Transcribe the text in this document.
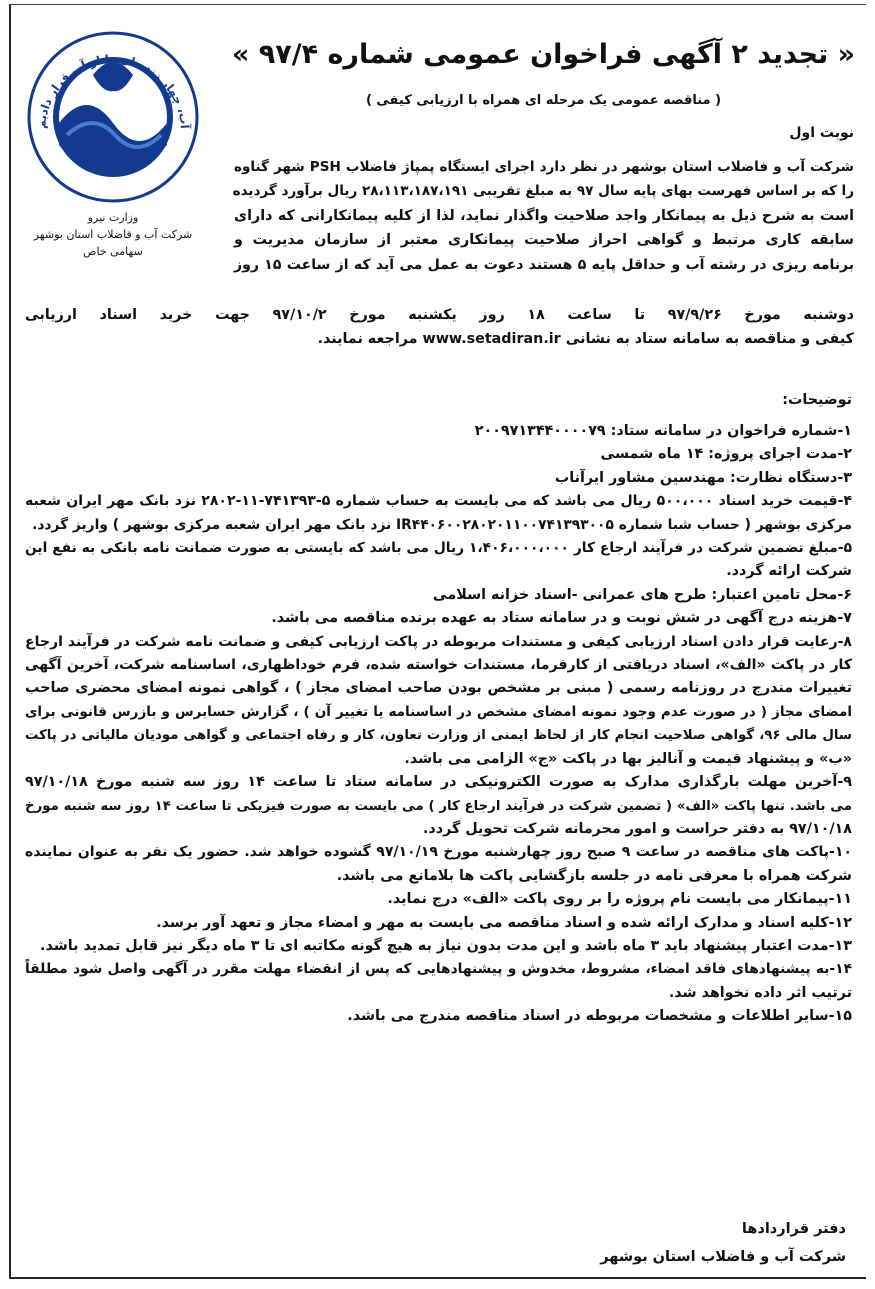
آب، چهار زنده ای را از آب قرار دادیم
وزارت نیرو
شرکت آب و فاضلاب استان بوشهر
سهامی خاص
« تجدید ۲ آگهی فراخوان عمومی شماره ۹۷/۴ »
( مناقصه عمومی یک مرحله ای همراه با ارزیابی کیفی )
نوبت اول
شرکت آب و فاضلاب استان بوشهر در نظر دارد اجرای ایستگاه پمپاژ فاضلاب PSH شهر گناوه
را که بر اساس فهرست بهای پایه سال ۹۷ به مبلغ تقریبی ۲۸،۱۱۳،۱۸۷،۱۹۱ ریال برآورد گردیده
است به شرح ذیل به پیمانکار واجد صلاحیت واگذار نماید، لذا از کلیه پیمانکارانی که دارای
سابقه کاری مرتبط و گواهی احراز صلاحیت پیمانکاری معتبر از سازمان مدیریت و
برنامه ریزی در رشته آب و حداقل پایه ۵ هستند دعوت به عمل می آید که از ساعت ۱۵ روز
دوشنبه مورخ ۹۷/۹/۲۶ تا ساعت ۱۸ روز یکشنبه مورخ ۹۷/۱۰/۲ جهت خرید اسناد ارزیابی
کیفی و مناقصه به سامانه ستاد به نشانی www.setadiran.ir مراجعه نمایند.
توضیحات:
۱-شماره فراخوان در سامانه ستاد: ۲۰۰۹۷۱۳۴۴۰۰۰۰۷۹
۲-مدت اجرای پروژه: ۱۴ ماه شمسی
۳-دستگاه نظارت: مهندسین مشاور ایرآناب
۴-قیمت خرید اسناد ۵۰۰،۰۰۰ ریال می باشد که می بایست به حساب شماره ۵-۷۴۱۳۹۳-۱۱-۲۸۰۲ نزد بانک مهر ایران شعبه
مرکزی بوشهر ( حساب شبا شماره IR۴۴۰۶۰۰۲۸۰۲۰۱۱۰۰۷۴۱۳۹۳۰۰۵ نزد بانک مهر ایران شعبه مرکزی بوشهر ) واریز گردد.
۵-مبلغ تضمین شرکت در فرآیند ارجاع کار ۱،۴۰۶،۰۰۰،۰۰۰ ریال می باشد که بایستی به صورت ضمانت نامه بانکی به نفع این
شرکت ارائه گردد.
۶-محل تامین اعتبار: طرح های عمرانی -اسناد خزانه اسلامی
۷-هزینه درج آگهی در شش نوبت و در سامانه ستاد به عهده برنده مناقصه می باشد.
۸-رعایت قرار دادن اسناد ارزیابی کیفی و مستندات مربوطه در پاکت ارزیابی کیفی و ضمانت نامه شرکت در فرآیند ارجاع
کار در پاکت «الف»، اسناد دریافتی از کارفرما، مستندات خواسته شده، فرم خوداظهاری، اساسنامه شرکت، آخرین آگهی
تغییرات مندرج در روزنامه رسمی ( مبنی بر مشخص بودن صاحب امضای مجاز ) ، گواهی نمونه امضای محضری صاحب
امضای مجاز ( در صورت عدم وجود نمونه امضای مشخص در اساسنامه یا تغییر آن ) ، گزارش حسابرس و بازرس قانونی برای
سال مالی ۹۶، گواهی صلاحیت انجام کار از لحاظ ایمنی از وزارت تعاون، کار و رفاه اجتماعی و گواهی مودیان مالیاتی در پاکت
«ب» و پیشنهاد قیمت و آنالیز بها در پاکت «ج» الزامی می باشد.
۹-آخرین مهلت بارگذاری مدارک به صورت الکترونیکی در سامانه ستاد تا ساعت ۱۴ روز سه شنبه مورخ ۹۷/۱۰/۱۸
می باشد. تنها پاکت «الف» ( تضمین شرکت در فرآیند ارجاع کار ) می بایست به صورت فیزیکی تا ساعت ۱۴ روز سه شنبه مورخ
۹۷/۱۰/۱۸ به دفتر حراست و امور محرمانه شرکت تحویل گردد.
۱۰-پاکت های مناقصه در ساعت ۹ صبح روز چهارشنبه مورخ ۹۷/۱۰/۱۹ گشوده خواهد شد. حضور یک نفر به عنوان نماینده
شرکت همراه با معرفی نامه در جلسه بازگشایی پاکت ها بلامانع می باشد.
۱۱-پیمانکار می بایست نام پروژه را بر روی پاکت «الف» درج نماید.
۱۲-کلیه اسناد و مدارک ارائه شده و اسناد مناقصه می بایست به مهر و امضاء مجاز و تعهد آور برسد.
۱۳-مدت اعتبار پیشنهاد باید ۳ ماه باشد و این مدت بدون نیاز به هیچ گونه مکاتبه ای تا ۳ ماه دیگر نیز قابل تمدید باشد.
۱۴-به پیشنهادهای فاقد امضاء، مشروط، مخدوش و پیشنهادهایی که پس از انقضاء مهلت مقرر در آگهی واصل شود مطلقاً
ترتیب اثر داده نخواهد شد.
۱۵-سایر اطلاعات و مشخصات مربوطه در اسناد مناقصه مندرج می باشد.
دفتر قراردادها
شرکت آب و فاضلاب استان بوشهر
